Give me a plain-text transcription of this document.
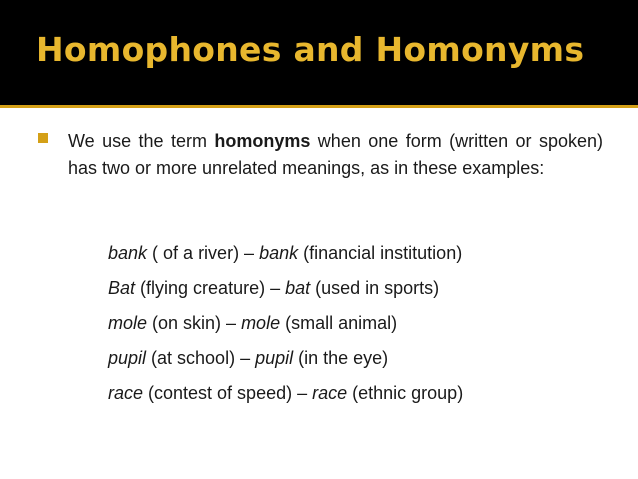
Homophones and Homonyms

We use the term homonyms when one form (written or spoken) has two or more unrelated meanings, as in these examples:

bank ( of a river) – bank (financial institution)
Bat (flying creature) – bat (used in sports)
mole (on skin) – mole (small animal)
pupil (at school) – pupil (in the eye)
race (contest of speed) – race (ethnic group)
